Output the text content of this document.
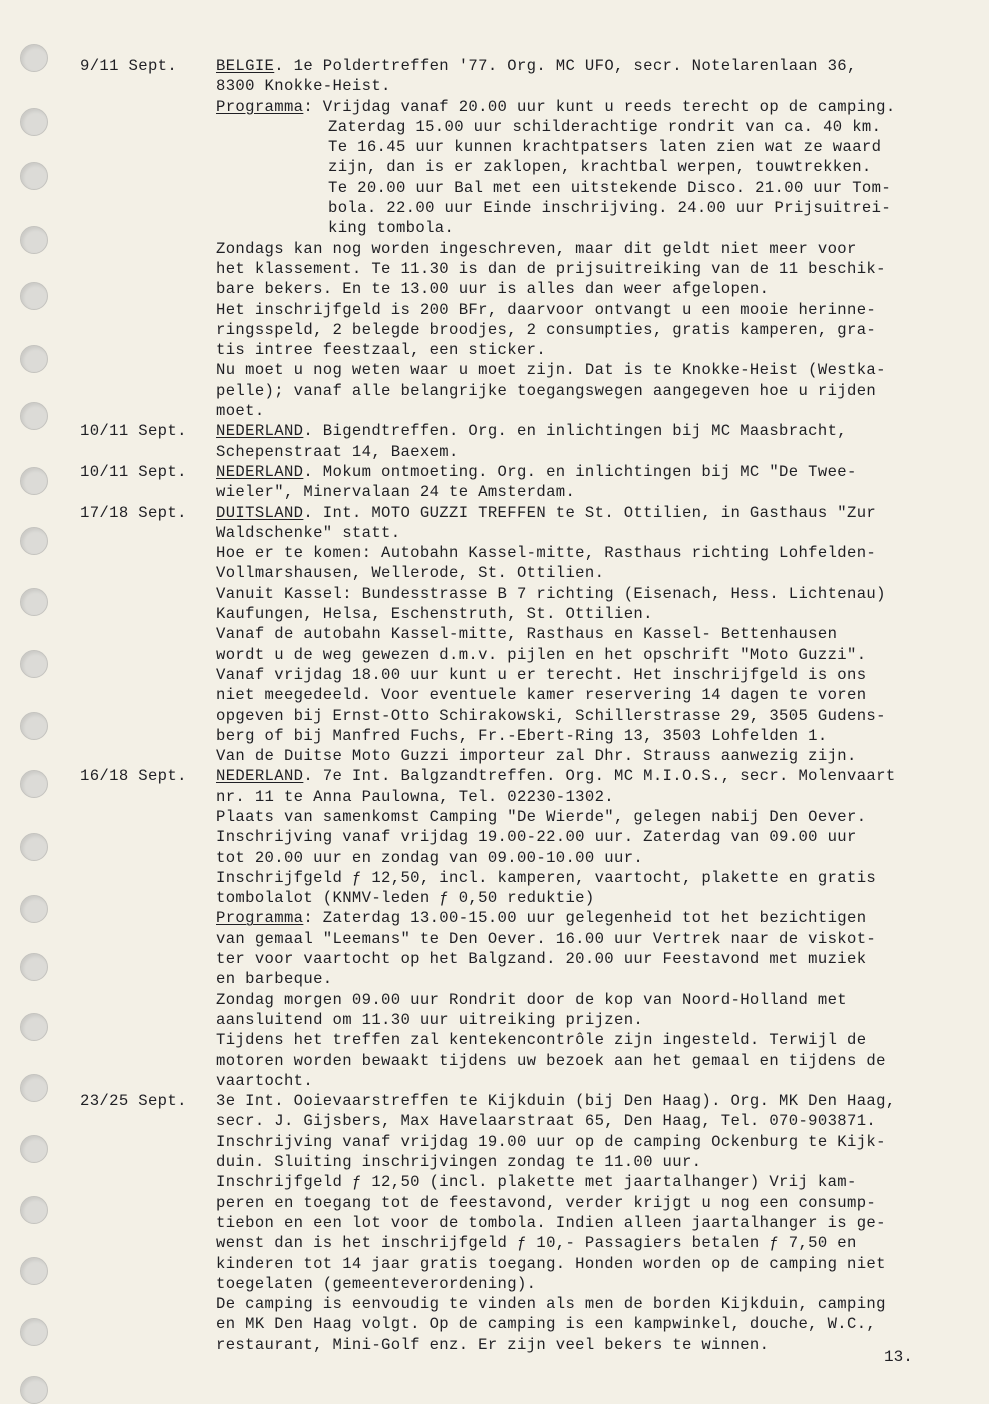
9/11 Sept.	BELGIE. 1e Poldertreffen '77. Org. MC UFO, secr. Notelarenlaan 36,
8300 Knokke-Heist.
Programma: Vrijdag vanaf 20.00 uur kunt u reeds terecht op de camping.
Zaterdag 15.00 uur schilderachtige rondrit van ca. 40 km.
Te 16.45 uur kunnen krachtpatsers laten zien wat ze waard
zijn, dan is er zaklopen, krachtbal werpen, touwtrekken.
Te 20.00 uur Bal met een uitstekende Disco. 21.00 uur Tom-
bola. 22.00 uur Einde inschrijving. 24.00 uur Prijsuitrei-
king tombola.
Zondags kan nog worden ingeschreven, maar dit geldt niet meer voor
het klassement. Te 11.30 is dan de prijsuitreiking van de 11 beschik-
bare bekers. En te 13.00 uur is alles dan weer afgelopen.
Het inschrijfgeld is 200 BFr, daarvoor ontvangt u een mooie herinne-
ringsspeld, 2 belegde broodjes, 2 consumpties, gratis kamperen, gra-
tis intree feestzaal, een sticker.
Nu moet u nog weten waar u moet zijn. Dat is te Knokke-Heist (Westka-
pelle); vanaf alle belangrijke toegangswegen aangegeven hoe u rijden
moet.
10/11 Sept.	NEDERLAND. Bigendtreffen. Org. en inlichtingen bij MC Maasbracht,
Schepenstraat 14, Baexem.
10/11 Sept.	NEDERLAND. Mokum ontmoeting. Org. en inlichtingen bij MC "De Twee-
wieler", Minervalaan 24 te Amsterdam.
17/18 Sept.	DUITSLAND. Int. MOTO GUZZI TREFFEN te St. Ottilien, in Gasthaus "Zur
Waldschenke" statt.
Hoe er te komen: Autobahn Kassel-mitte, Rasthaus richting Lohfelden-
Vollmarshausen, Wellerode, St. Ottilien.
Vanuit Kassel: Bundesstrasse B 7 richting (Eisenach, Hess. Lichtenau)
Kaufungen, Helsa, Eschenstruth, St. Ottilien.
Vanaf de autobahn Kassel-mitte, Rasthaus en Kassel- Bettenhausen
wordt u de weg gewezen d.m.v. pijlen en het opschrift "Moto Guzzi".
Vanaf vrijdag 18.00 uur kunt u er terecht. Het inschrijfgeld is ons
niet meegedeeld. Voor eventuele kamer reservering 14 dagen te voren
opgeven bij Ernst-Otto Schirakowski, Schillerstrasse 29, 3505 Gudens-
berg of bij Manfred Fuchs, Fr.-Ebert-Ring 13, 3503 Lohfelden 1.
Van de Duitse Moto Guzzi importeur zal Dhr. Strauss aanwezig zijn.
16/18 Sept.	NEDERLAND. 7e Int. Balgzandtreffen. Org. MC M.I.O.S., secr. Molenvaart
nr. 11 te Anna Paulowna, Tel. 02230-1302.
Plaats van samenkomst Camping "De Wierde", gelegen nabij Den Oever.
Inschrijving vanaf vrijdag 19.00-22.00 uur. Zaterdag van 09.00 uur
tot 20.00 uur en zondag van 09.00-10.00 uur.
Inschrijfgeld ƒ 12,50, incl. kamperen, vaartocht, plakette en gratis
tombolalot (KNMV-leden ƒ 0,50 reduktie)
Programma: Zaterdag 13.00-15.00 uur gelegenheid tot het bezichtigen
van gemaal "Leemans" te Den Oever. 16.00 uur Vertrek naar de viskot-
ter voor vaartocht op het Balgzand. 20.00 uur Feestavond met muziek
en barbeque.
Zondag morgen 09.00 uur Rondrit door de kop van Noord-Holland met
aansluitend om 11.30 uur uitreiking prijzen.
Tijdens het treffen zal kentekencontrôle zijn ingesteld. Terwijl de
motoren worden bewaakt tijdens uw bezoek aan het gemaal en tijdens de
vaartocht.
23/25 Sept.	3e Int. Ooievaarstreffen te Kijkduin (bij Den Haag). Org. MK Den Haag,
secr. J. Gijsbers, Max Havelaarstraat 65, Den Haag, Tel. 070-903871.
Inschrijving vanaf vrijdag 19.00 uur op de camping Ockenburg te Kijk-
duin. Sluiting inschrijvingen zondag te 11.00 uur.
Inschrijfgeld ƒ 12,50 (incl. plakette met jaartalhanger) Vrij kam-
peren en toegang tot de feestavond, verder krijgt u nog een consump-
tiebon en een lot voor de tombola. Indien alleen jaartalhanger is ge-
wenst dan is het inschrijfgeld ƒ 10,- Passagiers betalen ƒ 7,50 en
kinderen tot 14 jaar gratis toegang. Honden worden op de camping niet
toegelaten (gemeenteverordening).
De camping is eenvoudig te vinden als men de borden Kijkduin, camping
en MK Den Haag volgt. Op de camping is een kampwinkel, douche, W.C.,
restaurant, Mini-Golf enz. Er zijn veel bekers te winnen.
13.
